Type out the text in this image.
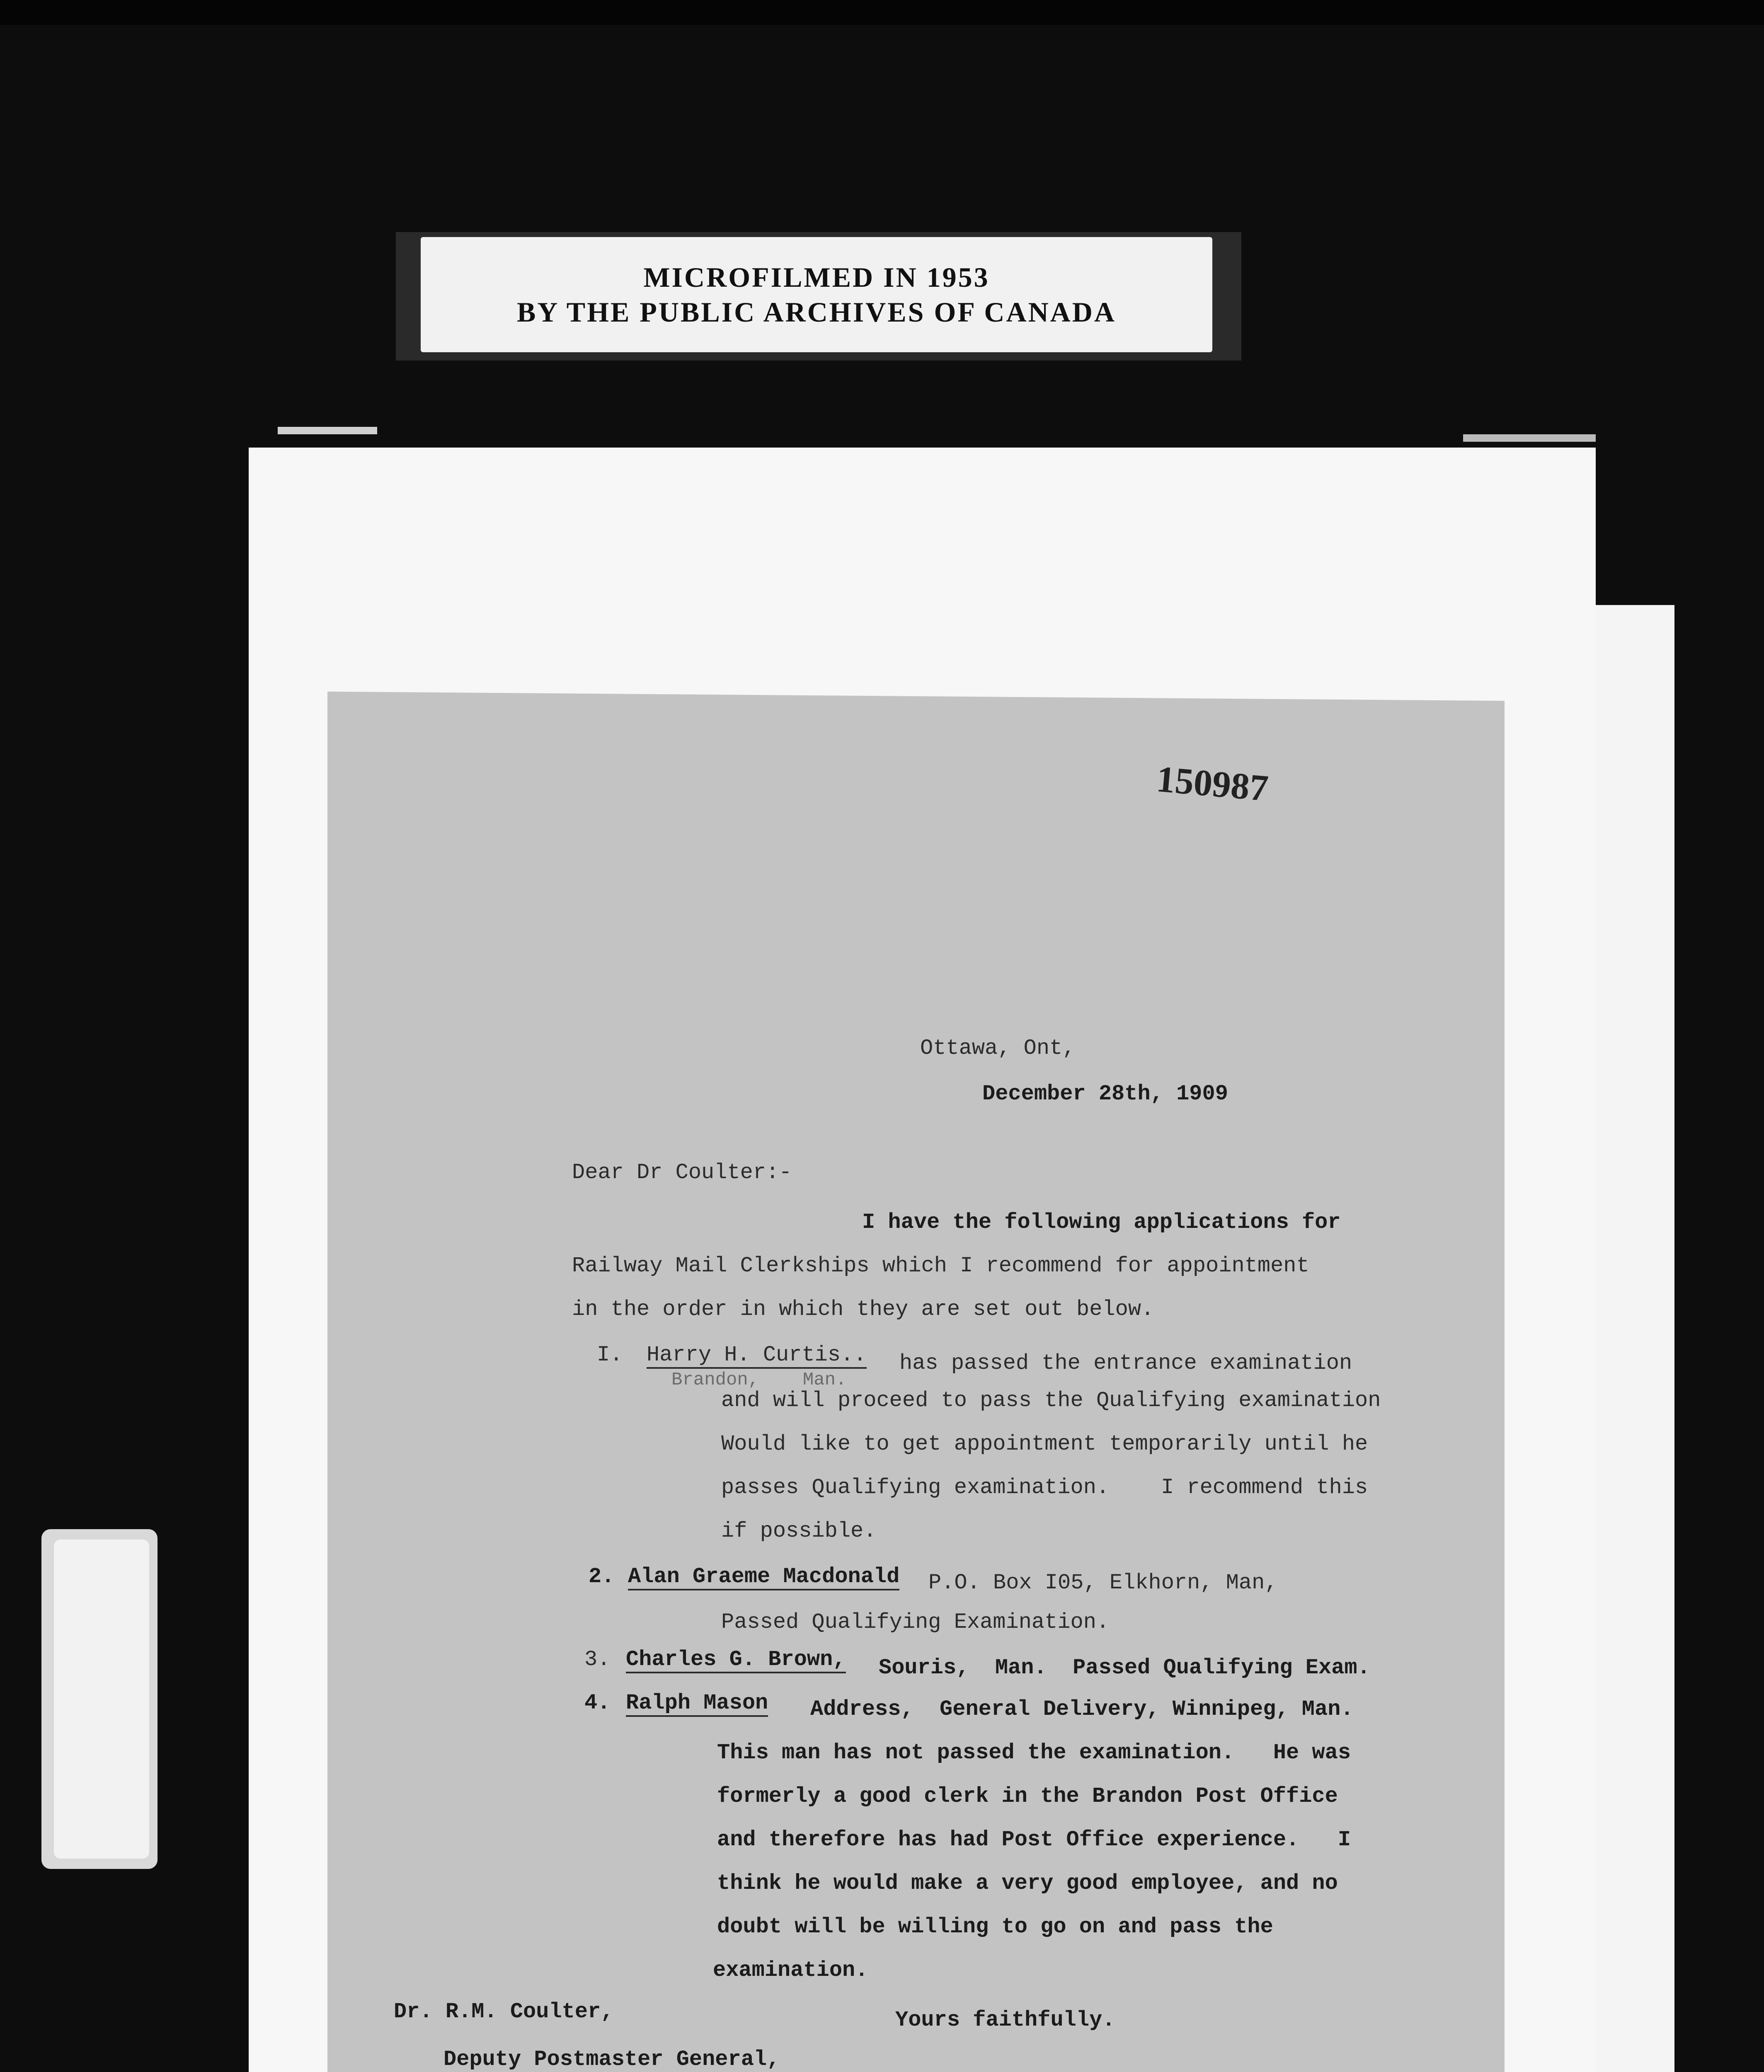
MICROFILMED IN 1953
BY THE PUBLIC ARCHIVES OF CANADA
150987
Ottawa, Ont,
December 28th, 1909
Dear Dr Coulter:-
I have the following applications for
Railway Mail Clerkships which I recommend for appointment
in the order in which they are set out below.
I. Harry H. Curtis..
Brandon,    Man.
has passed the entrance examination
and will proceed to pass the Qualifying examination
Would like to get appointment temporarily until he
passes Qualifying examination.    I recommend this
if possible.
2. Alan Graeme Macdonald P.O. Box I05, Elkhorn, Man,
Passed Qualifying Examination.
3. Charles G. Brown, Souris,  Man.  Passed Qualifying Exam.
4. Ralph Mason Address,  General Delivery, Winnipeg, Man.
This man has not passed the examination.   He was
formerly a good clerk in the Brandon Post Office
and therefore has had Post Office experience.   I
think he would make a very good employee, and no
doubt will be willing to go on and pass the
examination.
Yours faithfully.
Dr. R.M. Coulter,
Deputy Postmaster General,
